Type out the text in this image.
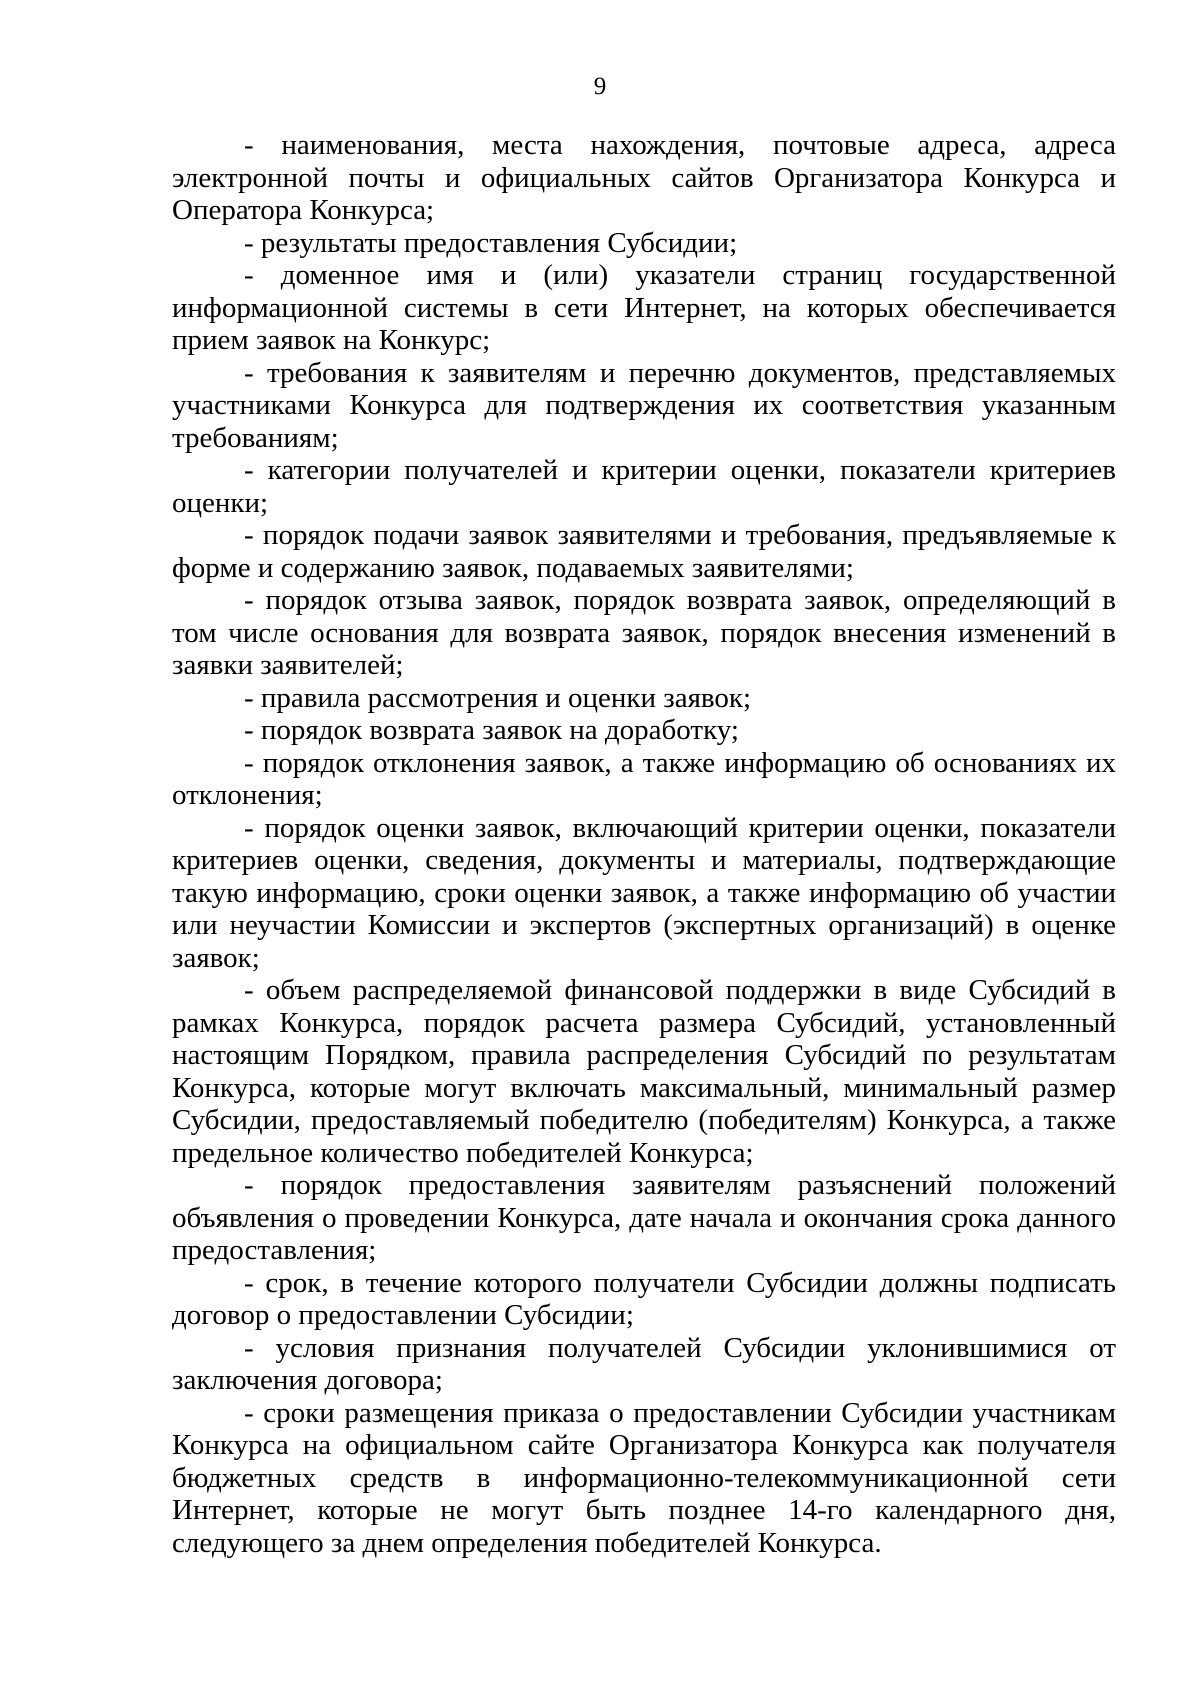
9

- наименования, места нахождения, почтовые адреса, адреса электронной почты и официальных сайтов Организатора Конкурса и Оператора Конкурса;

- результаты предоставления Субсидии;

- доменное имя и (или) указатели страниц государственной информационной системы в сети Интернет, на которых обеспечивается прием заявок на Конкурс;

- требования к заявителям и перечню документов, представляемых участниками Конкурса для подтверждения их соответствия указанным требованиям;

- категории получателей и критерии оценки, показатели критериев оценки;

- порядок подачи заявок заявителями и требования, предъявляемые к форме и содержанию заявок, подаваемых заявителями;

- порядок отзыва заявок, порядок возврата заявок, определяющий в том числе основания для возврата заявок, порядок внесения изменений в заявки заявителей;

- правила рассмотрения и оценки заявок;

- порядок возврата заявок на доработку;

- порядок отклонения заявок, а также информацию об основаниях их отклонения;

- порядок оценки заявок, включающий критерии оценки, показатели критериев оценки, сведения, документы и материалы, подтверждающие такую информацию, сроки оценки заявок, а также информацию об участии или неучастии Комиссии и экспертов (экспертных организаций) в оценке заявок;

- объем распределяемой финансовой поддержки в виде Субсидий в рамках Конкурса, порядок расчета размера Субсидий, установленный настоящим Порядком, правила распределения Субсидий по результатам Конкурса, которые могут включать максимальный, минимальный размер Субсидии, предоставляемый победителю (победителям) Конкурса, а также предельное количество победителей Конкурса;

- порядок предоставления заявителям разъяснений положений объявления о проведении Конкурса, дате начала и окончания срока данного предоставления;

- срок, в течение которого получатели Субсидии должны подписать договор о предоставлении Субсидии;

- условия признания получателей Субсидии уклонившимися от заключения договора;

- сроки размещения приказа о предоставлении Субсидии участникам Конкурса на официальном сайте Организатора Конкурса как получателя бюджетных средств в информационно-телекоммуникационной сети Интернет, которые не могут быть позднее 14-го календарного дня, следующего за днем определения победителей Конкурса.
